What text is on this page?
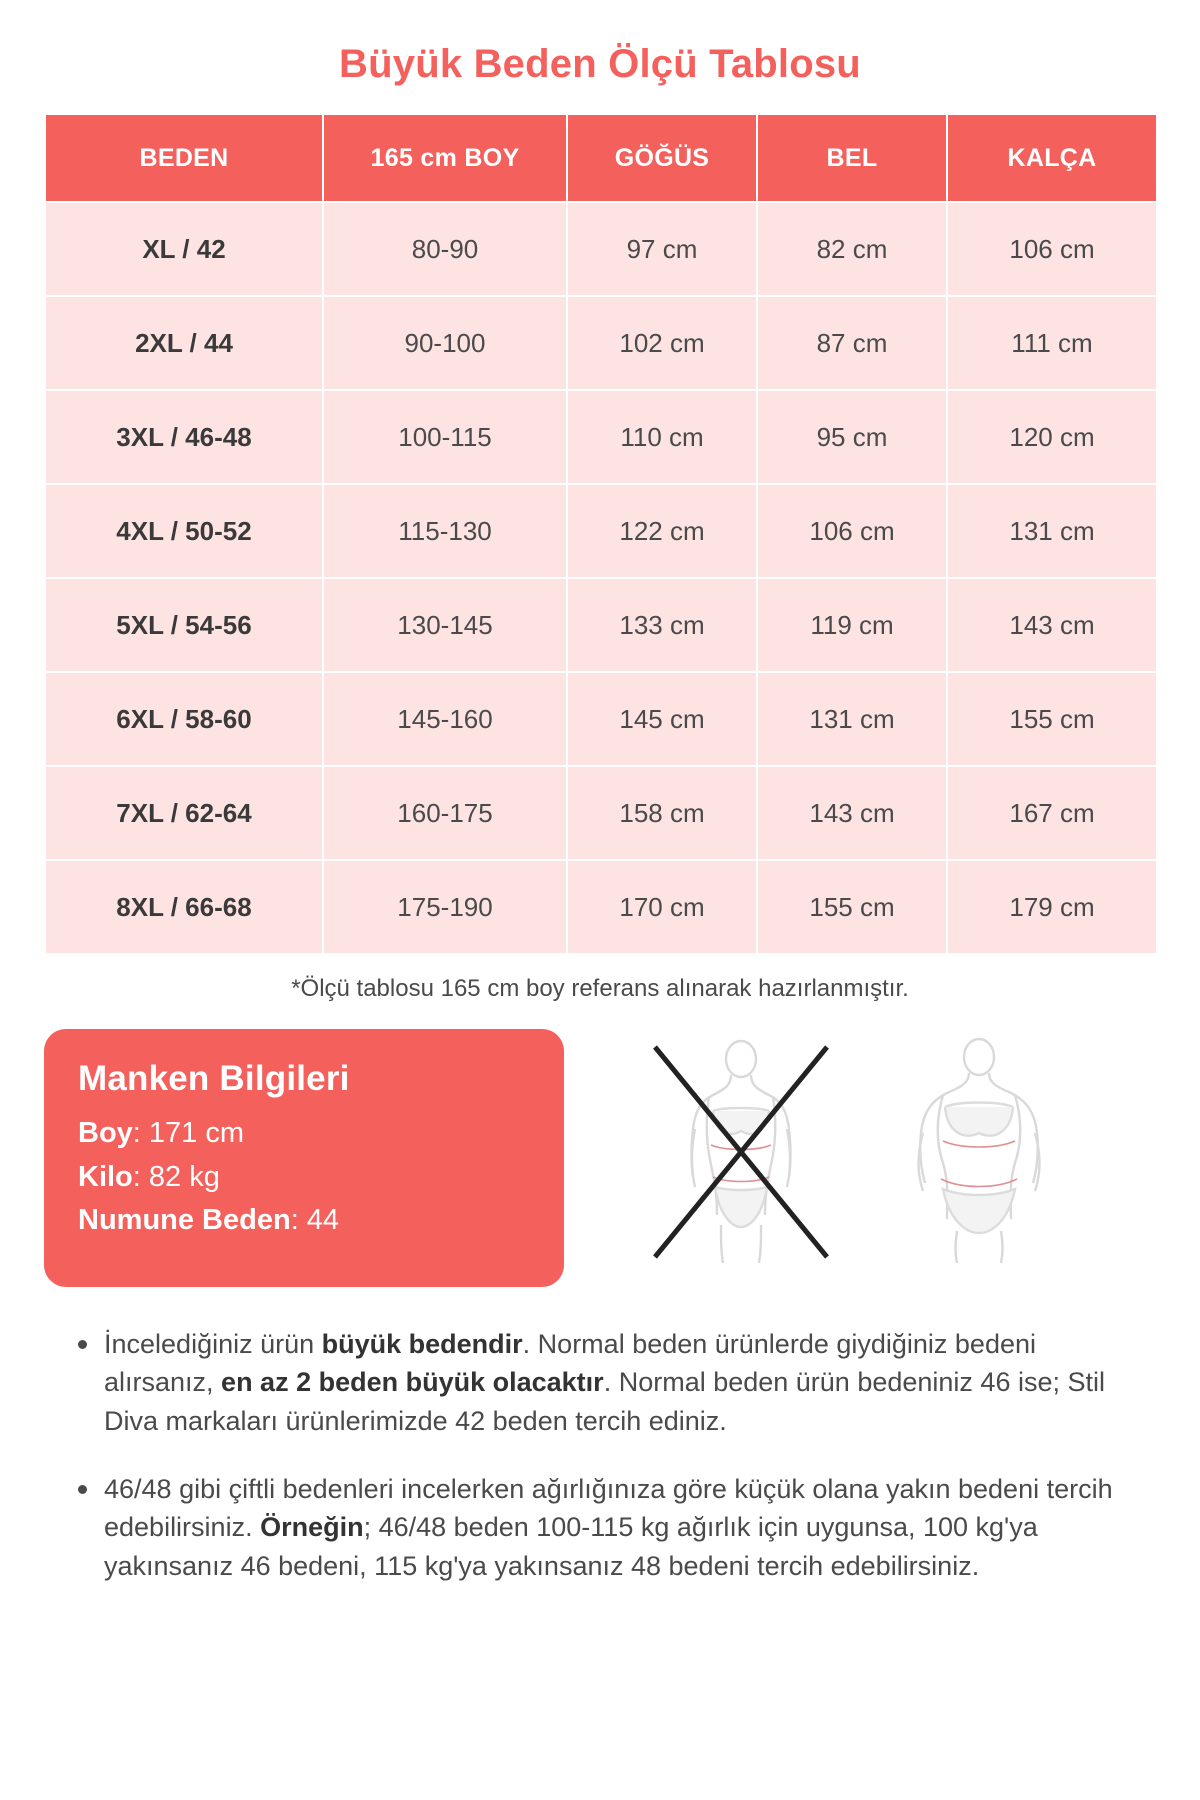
Büyük Beden Ölçü Tablosu
BEDEN	165 cm BOY	GÖĞÜS	BEL	KALÇA
XL / 42	80-90	97 cm	82 cm	106 cm
2XL / 44	90-100	102 cm	87 cm	111 cm
3XL / 46-48	100-115	110 cm	95 cm	120 cm
4XL / 50-52	115-130	122 cm	106 cm	131 cm
5XL / 54-56	130-145	133 cm	119 cm	143 cm
6XL / 58-60	145-160	145 cm	131 cm	155 cm
7XL / 62-64	160-175	158 cm	143 cm	167 cm
8XL / 66-68	175-190	170 cm	155 cm	179 cm

*Ölçü tablosu 165 cm boy referans alınarak hazırlanmıştır.

Manken Bilgileri
Boy: 171 cm
Kilo: 82 kg
Numune Beden: 44
İncelediğiniz ürün büyük bedendir. Normal beden ürünlerde giydiğiniz bedeni alırsanız, en az 2 beden büyük olacaktır. Normal beden ürün bedeniniz 46 ise; Stil Diva markaları ürünlerimizde 42 beden tercih ediniz.
46/48 gibi çiftli bedenleri incelerken ağırlığınıza göre küçük olana yakın bedeni tercih edebilirsiniz. Örneğin; 46/48 beden 100-115 kg ağırlık için uygunsa, 100 kg'ya yakınsanız 46 bedeni, 115 kg'ya yakınsanız 48 bedeni tercih edebilirsiniz.
